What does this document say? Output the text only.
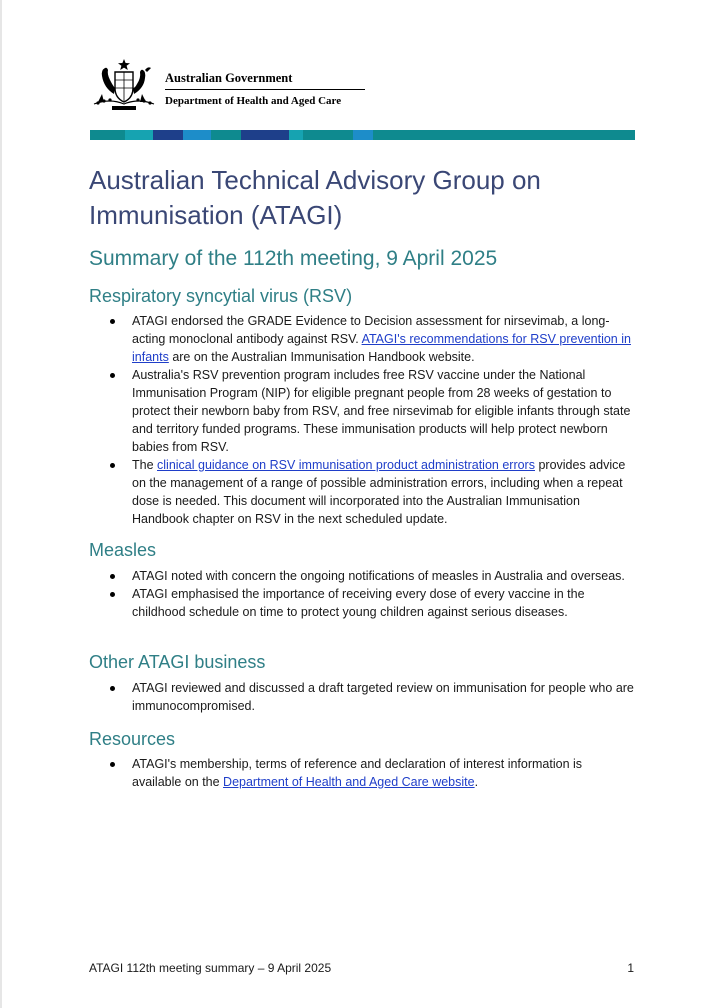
Australian Government
Department of Health and Aged Care
Australian Technical Advisory Group on Immunisation (ATAGI)
Summary of the 112th meeting, 9 April 2025
Respiratory syncytial virus (RSV)
ATAGI endorsed the GRADE Evidence to Decision assessment for nirsevimab, a long-acting monoclonal antibody against RSV. ATAGI's recommendations for RSV prevention in infants are on the Australian Immunisation Handbook website.
Australia's RSV prevention program includes free RSV vaccine under the National Immunisation Program (NIP) for eligible pregnant people from 28 weeks of gestation to protect their newborn baby from RSV, and free nirsevimab for eligible infants through state and territory funded programs. These immunisation products will help protect newborn babies from RSV.
The clinical guidance on RSV immunisation product administration errors provides advice on the management of a range of possible administration errors, including when a repeat dose is needed. This document will incorporated into the Australian Immunisation Handbook chapter on RSV in the next scheduled update.
Measles
ATAGI noted with concern the ongoing notifications of measles in Australia and overseas.
ATAGI emphasised the importance of receiving every dose of every vaccine in the childhood schedule on time to protect young children against serious diseases.
Other ATAGI business
ATAGI reviewed and discussed a draft targeted review on immunisation for people who are immunocompromised.
Resources
ATAGI's membership, terms of reference and declaration of interest information is available on the Department of Health and Aged Care website.
ATAGI 112th meeting summary – 9 April 2025	1
